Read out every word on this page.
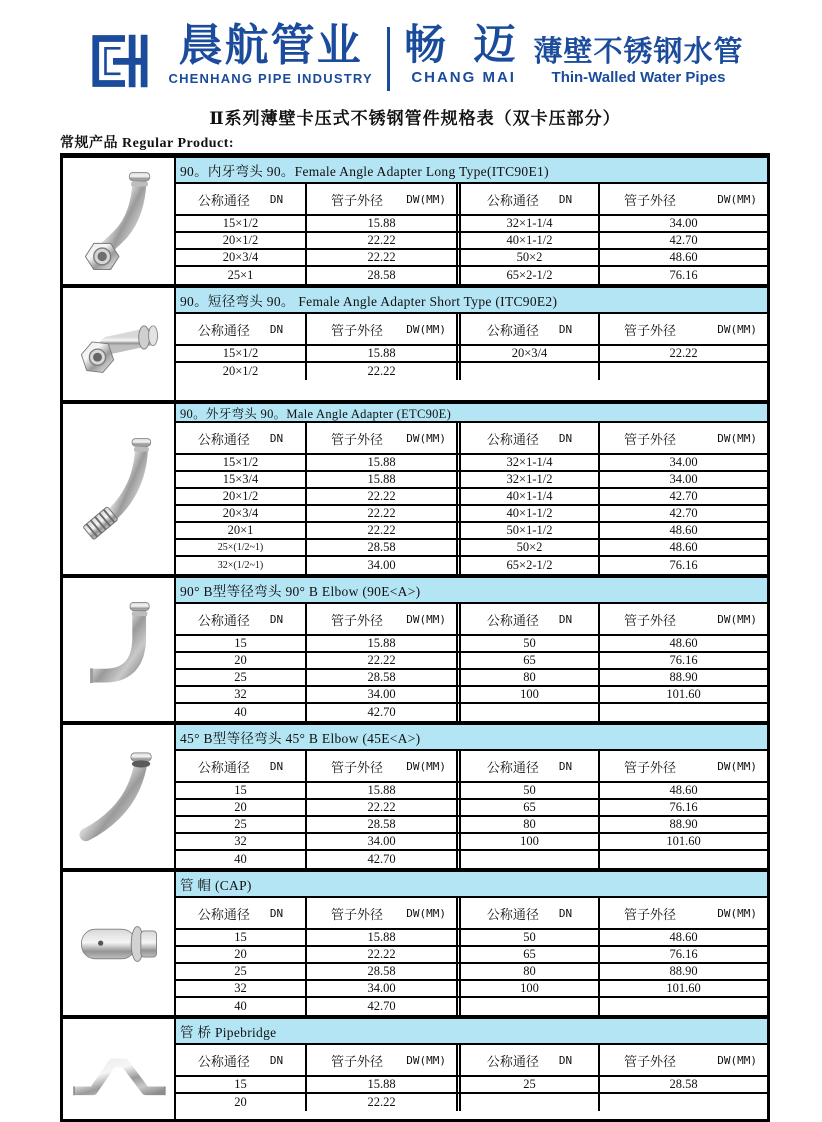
晨航管业
CHENHANG PIPE INDUSTRY
畅 迈
CHANG MAI
薄壁不锈钢水管
Thin-Walled Water Pipes
Ⅱ系列薄壁卡压式不锈钢管件规格表（双卡压部分）
常规产品 Regular Product:
90。内牙弯头 90。Female Angle Adapter Long Type(ITC90E1)
公称通径 DN	管子外径 DW(MM)	公称通径 DN	管子外径	DW(MM)
15×1/2	15.88	32×1-1/4	34.00
20×1/2	22.22	40×1-1/2	42.70
20×3/4	22.22	50×2	48.60
25×1	28.58	65×2-1/2	76.16
90。短径弯头 90。 Female Angle Adapter Short Type (ITC90E2)
公称通径 DN	管子外径 DW(MM)	公称通径 DN	管子外径	DW(MM)
15×1/2	15.88	20×3/4	22.22
20×1/2	22.22
90。外牙弯头 90。Male Angle Adapter (ETC90E)
公称通径 DN	管子外径 DW(MM)	公称通径 DN	管子外径	DW(MM)
15×1/2	15.88	32×1-1/4	34.00
15×3/4	15.88	32×1-1/2	34.00
20×1/2	22.22	40×1-1/4	42.70
20×3/4	22.22	40×1-1/2	42.70
20×1	22.22	50×1-1/2	48.60
25×(1/2~1)	28.58	50×2	48.60
32×(1/2~1)	34.00	65×2-1/2	76.16
90° B型等径弯头 90° B Elbow (90E<A>)
公称通径 DN	管子外径 DW(MM)	公称通径 DN	管子外径	DW(MM)
15	15.88	50	48.60
20	22.22	65	76.16
25	28.58	80	88.90
32	34.00	100	101.60
40	42.70
45° B型等径弯头 45° B Elbow (45E<A>)
公称通径 DN	管子外径 DW(MM)	公称通径 DN	管子外径	DW(MM)
15	15.88	50	48.60
20	22.22	65	76.16
25	28.58	80	88.90
32	34.00	100	101.60
40	42.70
管 帽 (CAP)
公称通径 DN	管子外径 DW(MM)	公称通径 DN	管子外径	DW(MM)
15	15.88	50	48.60
20	22.22	65	76.16
25	28.58	80	88.90
32	34.00	100	101.60
40	42.70
管 桥 Pipebridge
公称通径 DN	管子外径 DW(MM)	公称通径 DN	管子外径	DW(MM)
15	15.88	25	28.58
20	22.22
